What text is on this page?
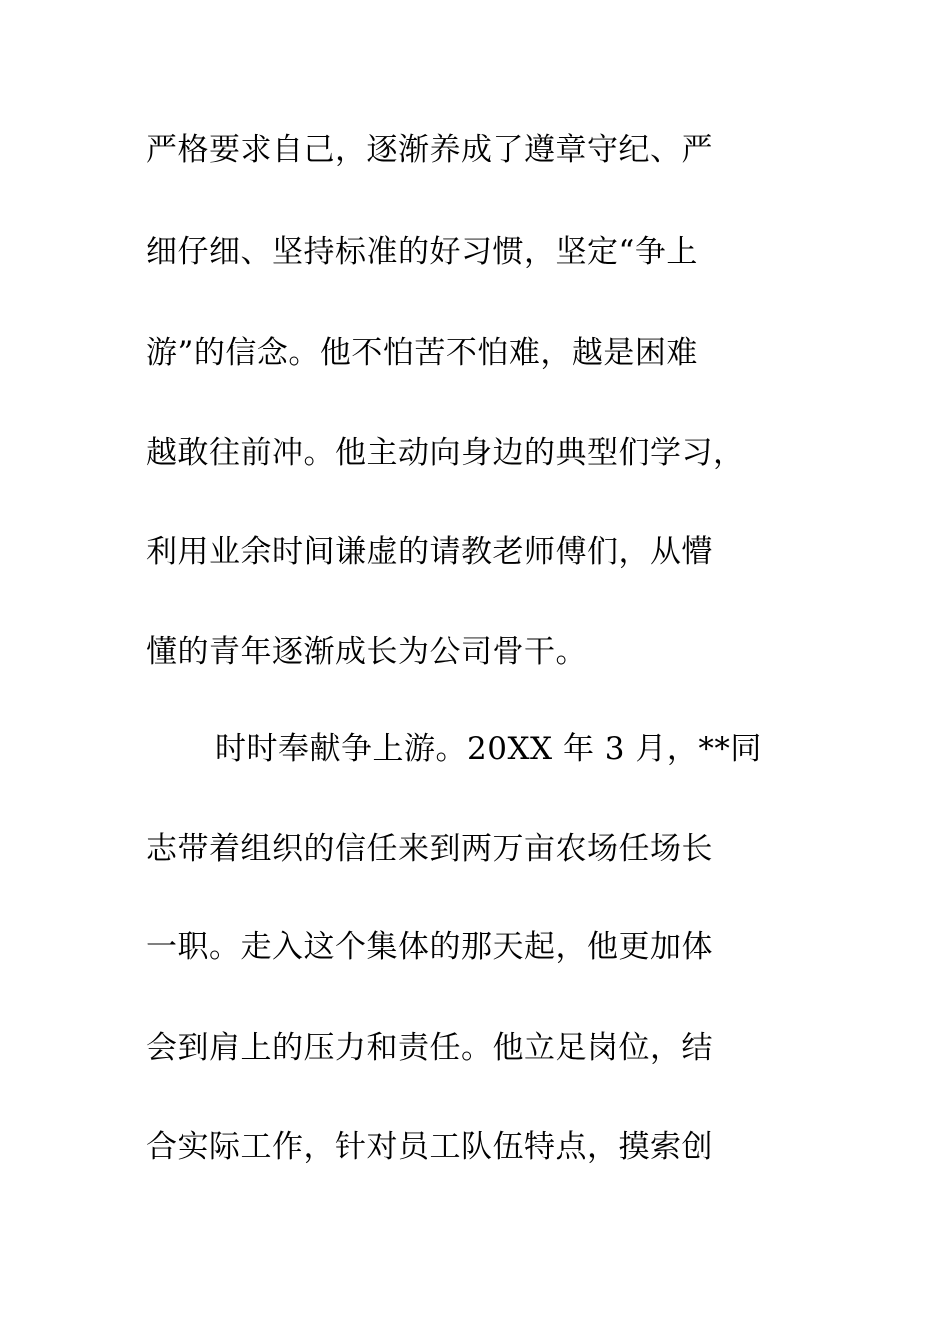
严格要求自己，逐渐养成了遵章守纪、严
细仔细、坚持标准的好习惯，坚定“争上
游”的信念。他不怕苦不怕难，越是困难
越敢往前冲。他主动向身边的典型们学习，
利用业余时间谦虚的请教老师傅们，从懵
懂的青年逐渐成长为公司骨干。
时时奉献争上游。20XX 年 3 月，**同
志带着组织的信任来到两万亩农场任场长
一职。走入这个集体的那天起，他更加体
会到肩上的压力和责任。他立足岗位，结
合实际工作，针对员工队伍特点，摸索创
